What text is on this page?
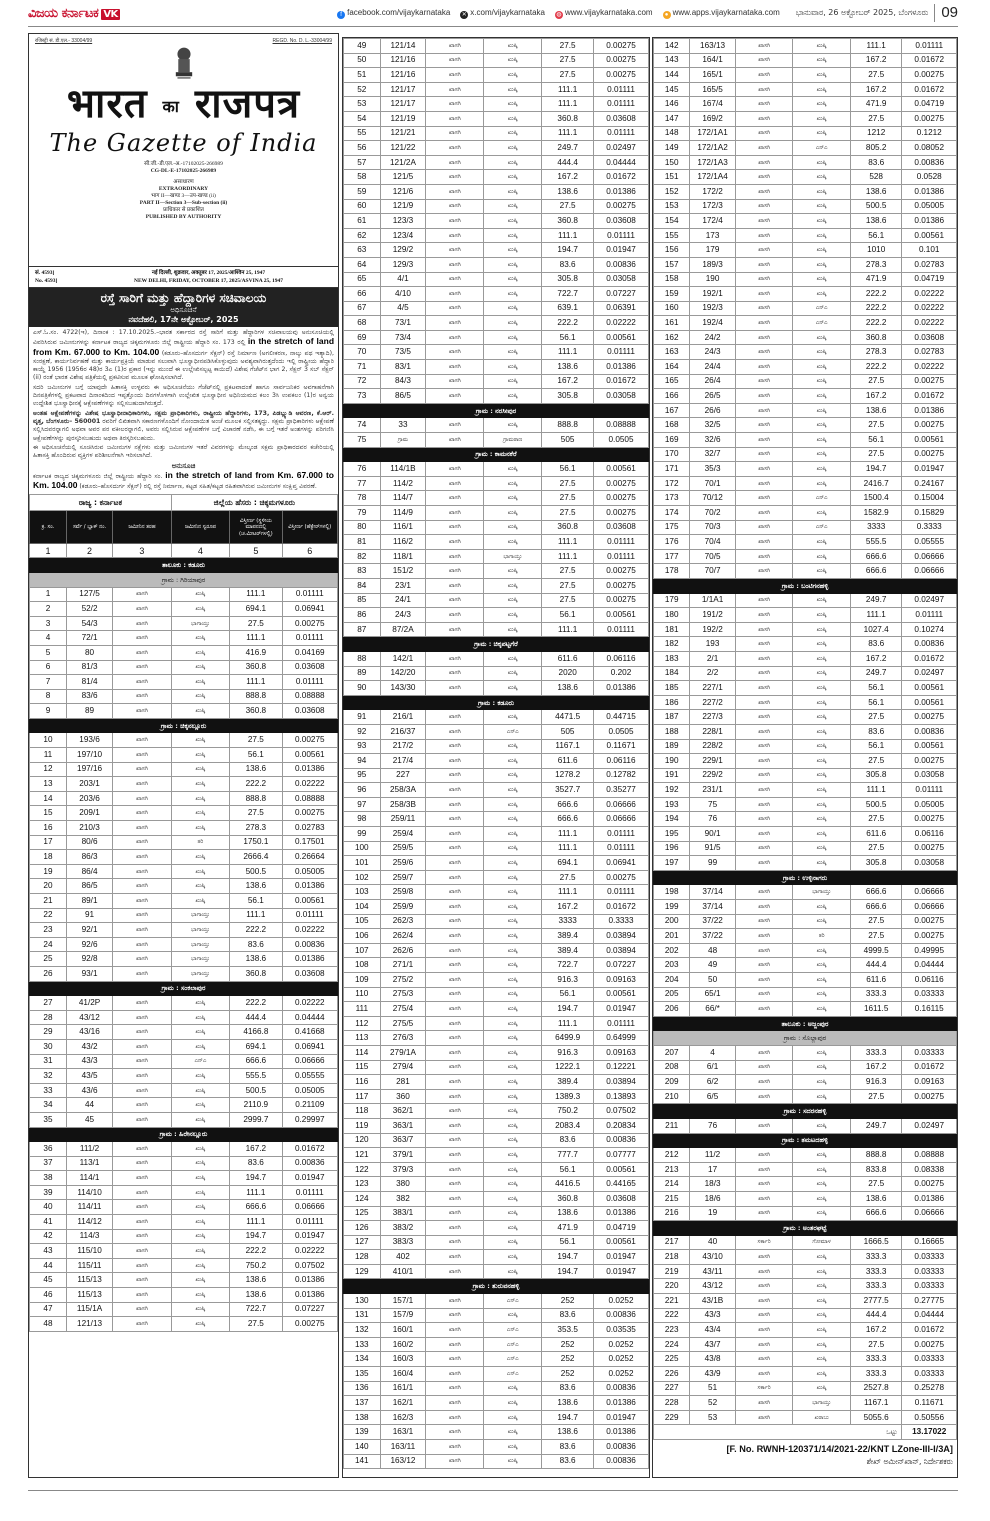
ವಿಜಯ ಕರ್ನಾಟಕ VK	f facebook.com/vijaykarnataka ✕ x.com/vijaykarnataka ◍ www.vijaykarnataka.com	● www.apps.vijaykarnataka.com ಭಾನುವಾರ, 26 ಅಕ್ಟೋಬರ್ 2025, ಬೆಂಗಳೂರು 09
रजिस्ट्री सं. डी.एल.- 33004/99	REGD. No. D. L.-33004/99
भारत का राजपत्र
The Gazette of India
सी.जी.-डी.एल.-अ.-17102025-266989
CG-DL-E-17102025-266989
असाधारण
EXTRAORDINARY
भाग II—खण्ड 3—उप-खण्ड (ii)
PART II—Section 3—Sub-section (ii)
प्राधिकार से प्रकाशित
PUBLISHED BY AUTHORITY
सं. 4593]	नई दिल्ली, शुक्रवार, अक्तूबर 17, 2025/आश्विन 25, 1947
No. 4593]	NEW DELHI, FRIDAY, OCTOBER 17, 2025/ASVINA 25, 1947
ರಸ್ತೆ ಸಾರಿಗೆ ಮತ್ತು ಹೆದ್ದಾರಿಗಳ ಸಚಿವಾಲಯ
ಅಧಿಸೂಚನೆ
ನವದೆಹಲಿ, 17ನೇ ಅಕ್ಟೋಬರ್, 2025

ಎಸ್.ಓ.ಸಂ. 4722(ಇ), ದಿನಾಂಕ : 17.10.2025.–ಭಾರತ ಸರ್ಕಾರದ ರಸ್ತೆ ಸಾರಿಗೆ ಮತ್ತು ಹೆದ್ದಾರಿಗಳ ಸಚಿವಾಲಯವು ಅನುಸೂಚಿಯಲ್ಲಿ ವಿವರಿಸಿರುವ ಜಮೀನುಗಳನ್ನು ಕರ್ನಾಟಕ ರಾಜ್ಯದ ಚಿಕ್ಕಮಗಳೂರು ಜಿಲ್ಲೆ ರಾಷ್ಟ್ರೀಯ ಹೆದ್ದಾರಿ ಸಂ. 173 ರಲ್ಲಿ in the stretch of land from Km. 67.000 to Km. 104.00 (ಕಡೂರು–ಹೊಸದುರ್ಗ ಸೆಕ್ಷನ್) ರಸ್ತೆ ನಿರ್ಮಾಣ (ಅಗಲೀಕರಣ, ನಾಲ್ಕು ಪಥ ಇತ್ಯಾದಿ), ಸಂರಕ್ಷಣೆ, ಕಾರ್ಯನಿರ್ವಹಣೆ ಮತ್ತು ಕಾರ್ಯಪ್ರಕ್ರಿಯೆ ಮಾಡುವ ಸಲುವಾಗಿ ಭೂಸ್ವಾಧೀನಪಡಿಸಿಕೊಳ್ಳುವುದು ಅವಶ್ಯವಾಗಿರುತ್ತದೆಂದು ಇಲ್ಲಿ ರಾಷ್ಟ್ರೀಯ ಹೆದ್ದಾರಿ ಕಾಯ್ದೆ 1956 (1956ರ 48)ರ 3ಎ (1)ರ ಪ್ರಕಾರ (ಇನ್ನು ಮುಂದೆ ಈ ಉಲ್ಲೇಖಿಸಲ್ಪಟ್ಟ ಕಾಯಿದೆ) ವಿಶೇಷ ಗೆಜೆಟ್‌ನ ಭಾಗ 2, ಸೆಕ್ಷನ್ 3 ಸಬ್ ಸೆಕ್ಷನ್ (ii) ರಂತೆ ಭಾರತ ವಿಶೇಷ ಪತ್ರಿಕೆಯಲ್ಲಿ ಪ್ರಕಟಿಸುವ ಮೂಲಕ ಘೋಷಿಸಲಾಗಿದೆ.

ಸದರಿ ಜಮೀನುಗಳ ಬಗ್ಗೆ ಯಾವುದೇ ಹಿತಾಸಕ್ತಿ ಉಳ್ಳವರು ಈ ಅಧಿಸೂಚನೆಯು ಗೆಜೆಟ್‌ನಲ್ಲಿ ಪ್ರಕಟವಾದಂತೆ ಹಾಗೂ ಸಾರ್ವಜನಿಕರ ಅವಗಾಹನೆಗಾಗಿ ದಿನಪತ್ರಿಕೆಗಳಲ್ಲಿ ಪ್ರಕಟವಾದ ದಿನಾಂಕದಿಂದ ಇಪ್ಪತ್ತೊಂದು ದಿನಗಳೊಳಗಾಗಿ ಉಲ್ಲೇಖಿತ ಭೂಸ್ವಾಧೀನ ಅಧಿನಿಯಮದ ಕಲಂ 3ಸಿ ಉಪಕಲಂ (1)ರ ಅನ್ವಯ ಉದ್ದೇಶಿತ ಭೂಸ್ವಾಧೀನಕ್ಕೆ ಆಕ್ಷೇಪಣೆಗಳನ್ನು ಸಲ್ಲಿಸಬಹುದಾಗಿರುತ್ತದೆ.

ಅಂತಹ ಆಕ್ಷೇಪಣೆಗಳನ್ನು ವಿಶೇಷ ಭೂಸ್ವಾಧೀನಾಧಿಕಾರಿಗಳು, ಸಕ್ಷಮ ಪ್ರಾಧಿಕಾರಿಗಳು, ರಾಷ್ಟ್ರೀಯ ಹೆದ್ದಾರಿಗಳು, 173, ಪಿಡಬ್ಲ್ಯುಡಿ ಆವರಣ, ಕೆ.ಆರ್. ವೃತ್ತ, ಬೆಂಗಳೂರು– 560001 ರವರಿಗೆ ಲಿಖಿತವಾಗಿ ಸಕಾರಣಗಳೊಂದಿಗೆ ನೋಂದಾಯಿತ ಅಂಚೆ ಮೂಲಕ ಸಲ್ಲಿಸತಕ್ಕದ್ದು. ಸಕ್ಷಮ ಪ್ರಾಧಿಕಾರಿಗಳು ಆಕ್ಷೇಪಣೆ ಸಲ್ಲಿಸಿದವರನ್ನಾಗಲಿ ಅಥವಾ ಅವರ ಪರ ವಕೀಲರನ್ನಾಗಲಿ, ಅವರು ಸಲ್ಲಿಸಿರುವ ಆಕ್ಷೇಪಣೆಗಳ ಬಗ್ಗೆ ವಿಚಾರಣೆ ನಡೆಸಿ, ಈ ಬಗ್ಗೆ ಇತರೆ ಅಂಶಗಳನ್ನು ಪರಿಗಣಿಸಿ ಆಕ್ಷೇಪಣೆಗಳನ್ನು ಪುರಸ್ಕರಿಸಬಹುದು ಅಥವಾ ತಿರಸ್ಕರಿಸಬಹುದು.

ಈ ಅಧಿಸೂಚನೆಯಲ್ಲಿ ಸೂಚಿಸಿರುವ ಜಮೀನುಗಳ ನಕ್ಷೆಗಳು ಮತ್ತು ಜಮೀನುಗಳ ಇತರೆ ವಿವರಗಳನ್ನು ಮೇಲ್ಕಂಡ ಸಕ್ಷಮ ಪ್ರಾಧಿಕಾರದವರ ಕಚೇರಿಯಲ್ಲಿ ಹಿತಾಸಕ್ತಿ ಹೊಂದಿರುವ ವ್ಯಕ್ತಿಗಳ ಪರಿಶೀಲನೆಗಾಗಿ ಇರಿಸಲಾಗಿದೆ.

ಅನುಸೂಚಿ

ಕರ್ನಾಟಕ ರಾಜ್ಯದ ಚಿಕ್ಕಮಗಳೂರು ಜಿಲ್ಲೆ ರಾಷ್ಟ್ರೀಯ ಹೆದ್ದಾರಿ ಸಂ. in the stretch of land from Km. 67.000 to Km. 104.00 (ಕಡೂರು–ಹೊಸದುರ್ಗ ಸೆಕ್ಷನ್) ರಲ್ಲಿ ರಸ್ತೆ ನಿರ್ಮಾಣ, ಕಟ್ಟಡ ಸಹಿತ/ಕಟ್ಟಡ ರಹಿತವಾಗಿರುವ ಜಮೀನುಗಳ ಸಂಕ್ಷಿಪ್ತ ವಿವರಣೆ.

ರಾಜ್ಯ : ಕರ್ನಾಟಕ			ಜಿಲ್ಲೆಯ ಹೆಸರು : ಚಿಕ್ಕಮಗಳೂರು		
ಕ್ರ. ಸಂ.	ಸರ್ವೆ / ಬ್ಲಾಕ್ ನಂ.	ಜಮೀನಿನ ತರಹ	ಜಮೀನಿನ ಸ್ವರೂಪ	ವಿಸ್ತೀರ್ಣ (ಸ್ಥಳೀಯ ಮಾಪನದಲ್ಲಿ (ಚ.ಮೀಟರ್‌ಗಳಲ್ಲಿ)	ವಿಸ್ತೀರ್ಣ (ಹೆಕ್ಟೇರ್‌ಗಳಲ್ಲಿ)
1	2	3	4	5	6
ತಾಲೂಕು : ಕಡೂರು					
ಗ್ರಾಮ : ಗಿರಿಯಾಪುರ					
1	127/5	ಖಾಸಗಿ	ಖುಷ್ಕಿ	111.1	0.01111
2	52/2	ಖಾಸಗಿ	ಖುಷ್ಕಿ	694.1	0.06941
3	54/3	ಖಾಸಗಿ	ಭಾಗಾಯ್ತು	27.5	0.00275
4	72/1	ಖಾಸಗಿ	ಖುಷ್ಕಿ	111.1	0.01111
5	80	ಖಾಸಗಿ	ಖುಷ್ಕಿ	416.9	0.04169
6	81/3	ಖಾಸಗಿ	ಖುಷ್ಕಿ	360.8	0.03608
7	81/4	ಖಾಸಗಿ	ಖುಷ್ಕಿ	111.1	0.01111
8	83/6	ಖಾಸಗಿ	ಖುಷ್ಕಿ	888.8	0.08888
9	89	ಖಾಸಗಿ	ಖುಷ್ಕಿ	360.8	0.03608
ಗ್ರಾಮ : ಚಿಕ್ಕನಲ್ಲೂರು					
10	193/6	ಖಾಸಗಿ	ಖುಷ್ಕಿ	27.5	0.00275
11	197/10	ಖಾಸಗಿ	ಖುಷ್ಕಿ	56.1	0.00561
12	197/16	ಖಾಸಗಿ	ಖುಷ್ಕಿ	138.6	0.01386
13	203/1	ಖಾಸಗಿ	ಖುಷ್ಕಿ	222.2	0.02222
14	203/6	ಖಾಸಗಿ	ಖುಷ್ಕಿ	888.8	0.08888
15	209/1	ಖಾಸಗಿ	ಖುಷ್ಕಿ	27.5	0.00275
16	210/3	ಖಾಸಗಿ	ಖುಷ್ಕಿ	278.3	0.02783
17	80/6	ಖಾಸಗಿ	ತರಿ	1750.1	0.17501
18	86/3	ಖಾಸಗಿ	ಖುಷ್ಕಿ	2666.4	0.26664
19	86/4	ಖಾಸಗಿ	ಖುಷ್ಕಿ	500.5	0.05005
20	86/5	ಖಾಸಗಿ	ಖುಷ್ಕಿ	138.6	0.01386
21	89/1	ಖಾಸಗಿ	ಖುಷ್ಕಿ	56.1	0.00561
22	91	ಖಾಸಗಿ	ಭಾಗಾಯ್ತು	111.1	0.01111
23	92/1	ಖಾಸಗಿ	ಭಾಗಾಯ್ತು	222.2	0.02222
24	92/6	ಖಾಸಗಿ	ಭಾಗಾಯ್ತು	83.6	0.00836
25	92/8	ಖಾಸಗಿ	ಭಾಗಾಯ್ತು	138.6	0.01386
26	93/1	ಖಾಸಗಿ	ಭಾಗಾಯ್ತು	360.8	0.03608
ಗ್ರಾಮ : ಸಂಕಲಾಪುರ					
27	41/2P	ಖಾಸಗಿ	ಖುಷ್ಕಿ	222.2	0.02222
28	43/12	ಖಾಸಗಿ	ಖುಷ್ಕಿ	444.4	0.04444
29	43/16	ಖಾಸಗಿ	ಖುಷ್ಕಿ	4166.8	0.41668
30	43/2	ಖಾಸಗಿ	ಖುಷ್ಕಿ	694.1	0.06941
31	43/3	ಖಾಸಗಿ	ಎನ್‌ಎ	666.6	0.06666
32	43/5	ಖಾಸಗಿ	ಖುಷ್ಕಿ	555.5	0.05555
33	43/6	ಖಾಸಗಿ	ಖುಷ್ಕಿ	500.5	0.05005
34	44	ಖಾಸಗಿ	ಖುಷ್ಕಿ	2110.9	0.21109
35	45	ಖಾಸಗಿ	ಖುಷ್ಕಿ	2999.7	0.29997
ಗ್ರಾಮ : ಹಿರೇನಲ್ಲೂರು					
36	111/2	ಖಾಸಗಿ	ಖುಷ್ಕಿ	167.2	0.01672
37	113/1	ಖಾಸಗಿ	ಖುಷ್ಕಿ	83.6	0.00836
38	114/1	ಖಾಸಗಿ	ಖುಷ್ಕಿ	194.7	0.01947
39	114/10	ಖಾಸಗಿ	ಖುಷ್ಕಿ	111.1	0.01111
40	114/11	ಖಾಸಗಿ	ಖುಷ್ಕಿ	666.6	0.06666
41	114/12	ಖಾಸಗಿ	ಖುಷ್ಕಿ	111.1	0.01111
42	114/3	ಖಾಸಗಿ	ಖುಷ್ಕಿ	194.7	0.01947
43	115/10	ಖಾಸಗಿ	ಖುಷ್ಕಿ	222.2	0.02222
44	115/11	ಖಾಸಗಿ	ಖುಷ್ಕಿ	750.2	0.07502
45	115/13	ಖಾಸಗಿ	ಖುಷ್ಕಿ	138.6	0.01386
46	115/13	ಖಾಸಗಿ	ಖುಷ್ಕಿ	138.6	0.01386
47	115/1A	ಖಾಸಗಿ	ಖುಷ್ಕಿ	722.7	0.07227
48	121/13	ಖಾಸಗಿ	ಖುಷ್ಕಿ	27.5	0.00275
49	121/14	ಖಾಸಗಿ	ಖುಷ್ಕಿ	27.5	0.00275
50	121/16	ಖಾಸಗಿ	ಖುಷ್ಕಿ	27.5	0.00275
51	121/16	ಖಾಸಗಿ	ಖುಷ್ಕಿ	27.5	0.00275
52	121/17	ಖಾಸಗಿ	ಖುಷ್ಕಿ	111.1	0.01111
53	121/17	ಖಾಸಗಿ	ಖುಷ್ಕಿ	111.1	0.01111
54	121/19	ಖಾಸಗಿ	ಖುಷ್ಕಿ	360.8	0.03608
55	121/21	ಖಾಸಗಿ	ಖುಷ್ಕಿ	111.1	0.01111
56	121/22	ಖಾಸಗಿ	ಖುಷ್ಕಿ	249.7	0.02497
57	121/2A	ಖಾಸಗಿ	ಖುಷ್ಕಿ	444.4	0.04444
58	121/5	ಖಾಸಗಿ	ಖುಷ್ಕಿ	167.2	0.01672
59	121/6	ಖಾಸಗಿ	ಖುಷ್ಕಿ	138.6	0.01386
60	121/9	ಖಾಸಗಿ	ಖುಷ್ಕಿ	27.5	0.00275
61	123/3	ಖಾಸಗಿ	ಖುಷ್ಕಿ	360.8	0.03608
62	123/4	ಖಾಸಗಿ	ಖುಷ್ಕಿ	111.1	0.01111
63	129/2	ಖಾಸಗಿ	ಖುಷ್ಕಿ	194.7	0.01947
64	129/3	ಖಾಸಗಿ	ಖುಷ್ಕಿ	83.6	0.00836
65	4/1	ಖಾಸಗಿ	ಖುಷ್ಕಿ	305.8	0.03058
66	4/10	ಖಾಸಗಿ	ಖುಷ್ಕಿ	722.7	0.07227
67	4/5	ಖಾಸಗಿ	ಖುಷ್ಕಿ	639.1	0.06391
68	73/1	ಖಾಸಗಿ	ಖುಷ್ಕಿ	222.2	0.02222
69	73/4	ಖಾಸಗಿ	ಖುಷ್ಕಿ	56.1	0.00561
70	73/5	ಖಾಸಗಿ	ಖುಷ್ಕಿ	111.1	0.01111
71	83/1	ಖಾಸಗಿ	ಖುಷ್ಕಿ	138.6	0.01386
72	84/3	ಖಾಸಗಿ	ಖುಷ್ಕಿ	167.2	0.01672
73	86/5	ಖಾಸಗಿ	ಖುಷ್ಕಿ	305.8	0.03058
ಗ್ರಾಮ : ನರಸೀಪುರ					
74	33	ಖಾಸಗಿ	ಖುಷ್ಕಿ	888.8	0.08888
75	ಗ್ರಾಮ	ಖಾಸಗಿ	ಗ್ರಾಮಠಾಣ	505	0.0505
ಗ್ರಾಮ : ಕಾಮನಕೆರೆ					
76	114/1B	ಖಾಸಗಿ	ಖುಷ್ಕಿ	56.1	0.00561
77	114/2	ಖಾಸಗಿ	ಖುಷ್ಕಿ	27.5	0.00275
78	114/7	ಖಾಸಗಿ	ಖುಷ್ಕಿ	27.5	0.00275
79	114/9	ಖಾಸಗಿ	ಖುಷ್ಕಿ	27.5	0.00275
80	116/1	ಖಾಸಗಿ	ಖುಷ್ಕಿ	360.8	0.03608
81	116/2	ಖಾಸಗಿ	ಖುಷ್ಕಿ	111.1	0.01111
82	118/1	ಖಾಸಗಿ	ಭಾಗಾಯ್ತು	111.1	0.01111
83	151/2	ಖಾಸಗಿ	ಖುಷ್ಕಿ	27.5	0.00275
84	23/1	ಖಾಸಗಿ	ಖುಷ್ಕಿ	27.5	0.00275
85	24/1	ಖಾಸಗಿ	ಖುಷ್ಕಿ	27.5	0.00275
86	24/3	ಖಾಸಗಿ	ಖುಷ್ಕಿ	56.1	0.00561
87	87/2A	ಖಾಸಗಿ	ಖುಷ್ಕಿ	111.1	0.01111
ಗ್ರಾಮ : ಚಿಕ್ಕಪಟ್ಟಗೆರೆ					
88	142/1	ಖಾಸಗಿ	ಖುಷ್ಕಿ	611.6	0.06116
89	142/20	ಖಾಸಗಿ	ಖುಷ್ಕಿ	2020	0.202
90	143/30	ಖಾಸಗಿ	ಖುಷ್ಕಿ	138.6	0.01386
ಗ್ರಾಮ : ಕಡೂರು					
91	216/1	ಖಾಸಗಿ	ಖುಷ್ಕಿ	4471.5	0.44715
92	216/37	ಖಾಸಗಿ	ಎನ್‌ಎ	505	0.0505
93	217/2	ಖಾಸಗಿ	ಖುಷ್ಕಿ	1167.1	0.11671
94	217/4	ಖಾಸಗಿ	ಖುಷ್ಕಿ	611.6	0.06116
95	227	ಖಾಸಗಿ	ಖುಷ್ಕಿ	1278.2	0.12782
96	258/3A	ಖಾಸಗಿ	ಖುಷ್ಕಿ	3527.7	0.35277
97	258/3B	ಖಾಸಗಿ	ಖುಷ್ಕಿ	666.6	0.06666
98	259/11	ಖಾಸಗಿ	ಖುಷ್ಕಿ	666.6	0.06666
99	259/4	ಖಾಸಗಿ	ಖುಷ್ಕಿ	111.1	0.01111
100	259/5	ಖಾಸಗಿ	ಖುಷ್ಕಿ	111.1	0.01111
101	259/6	ಖಾಸಗಿ	ಖುಷ್ಕಿ	694.1	0.06941
102	259/7	ಖಾಸಗಿ	ಖುಷ್ಕಿ	27.5	0.00275
103	259/8	ಖಾಸಗಿ	ಖುಷ್ಕಿ	111.1	0.01111
104	259/9	ಖಾಸಗಿ	ಖುಷ್ಕಿ	167.2	0.01672
105	262/3	ಖಾಸಗಿ	ಖುಷ್ಕಿ	3333	0.3333
106	262/4	ಖಾಸಗಿ	ಖುಷ್ಕಿ	389.4	0.03894
107	262/6	ಖಾಸಗಿ	ಖುಷ್ಕಿ	389.4	0.03894
108	271/1	ಖಾಸಗಿ	ಖುಷ್ಕಿ	722.7	0.07227
109	275/2	ಖಾಸಗಿ	ಖುಷ್ಕಿ	916.3	0.09163
110	275/3	ಖಾಸಗಿ	ಖುಷ್ಕಿ	56.1	0.00561
111	275/4	ಖಾಸಗಿ	ಖುಷ್ಕಿ	194.7	0.01947
112	275/5	ಖಾಸಗಿ	ಖುಷ್ಕಿ	111.1	0.01111
113	276/3	ಖಾಸಗಿ	ಖುಷ್ಕಿ	6499.9	0.64999
114	279/1A	ಖಾಸಗಿ	ಖುಷ್ಕಿ	916.3	0.09163
115	279/4	ಖಾಸಗಿ	ಖುಷ್ಕಿ	1222.1	0.12221
116	281	ಖಾಸಗಿ	ಖುಷ್ಕಿ	389.4	0.03894
117	360	ಖಾಸಗಿ	ಖುಷ್ಕಿ	1389.3	0.13893
118	362/1	ಖಾಸಗಿ	ಖುಷ್ಕಿ	750.2	0.07502
119	363/1	ಖಾಸಗಿ	ಖುಷ್ಕಿ	2083.4	0.20834
120	363/7	ಖಾಸಗಿ	ಖುಷ್ಕಿ	83.6	0.00836
121	379/1	ಖಾಸಗಿ	ಖುಷ್ಕಿ	777.7	0.07777
122	379/3	ಖಾಸಗಿ	ಖುಷ್ಕಿ	56.1	0.00561
123	380	ಖಾಸಗಿ	ಖುಷ್ಕಿ	4416.5	0.44165
124	382	ಖಾಸಗಿ	ಖುಷ್ಕಿ	360.8	0.03608
125	383/1	ಖಾಸಗಿ	ಖುಷ್ಕಿ	138.6	0.01386
126	383/2	ಖಾಸಗಿ	ಖುಷ್ಕಿ	471.9	0.04719
127	383/3	ಖಾಸಗಿ	ಖುಷ್ಕಿ	56.1	0.00561
128	402	ಖಾಸಗಿ	ಖುಷ್ಕಿ	194.7	0.01947
129	410/1	ಖಾಸಗಿ	ಖುಷ್ಕಿ	194.7	0.01947
ಗ್ರಾಮ : ತುರುವನಹಳ್ಳಿ					
130	157/1	ಖಾಸಗಿ	ಎನ್‌ಎ	252	0.0252
131	157/9	ಖಾಸಗಿ	ಖುಷ್ಕಿ	83.6	0.00836
132	160/1	ಖಾಸಗಿ	ಎನ್‌ಎ	353.5	0.03535
133	160/2	ಖಾಸಗಿ	ಎನ್‌ಎ	252	0.0252
134	160/3	ಖಾಸಗಿ	ಎನ್‌ಎ	252	0.0252
135	160/4	ಖಾಸಗಿ	ಎನ್‌ಎ	252	0.0252
136	161/1	ಖಾಸಗಿ	ಖುಷ್ಕಿ	83.6	0.00836
137	162/1	ಖಾಸಗಿ	ಖುಷ್ಕಿ	138.6	0.01386
138	162/3	ಖಾಸಗಿ	ಖುಷ್ಕಿ	194.7	0.01947
139	163/1	ಖಾಸಗಿ	ಖುಷ್ಕಿ	138.6	0.01386
140	163/11	ಖಾಸಗಿ	ಖುಷ್ಕಿ	83.6	0.00836
141	163/12	ಖಾಸಗಿ	ಖುಷ್ಕಿ	83.6	0.00836
142	163/13	ಖಾಸಗಿ	ಖುಷ್ಕಿ	111.1	0.01111
143	164/1	ಖಾಸಗಿ	ಖುಷ್ಕಿ	167.2	0.01672
144	165/1	ಖಾಸಗಿ	ಖುಷ್ಕಿ	27.5	0.00275
145	165/5	ಖಾಸಗಿ	ಖುಷ್ಕಿ	167.2	0.01672
146	167/4	ಖಾಸಗಿ	ಖುಷ್ಕಿ	471.9	0.04719
147	169/2	ಖಾಸಗಿ	ಖುಷ್ಕಿ	27.5	0.00275
148	172/1A1	ಖಾಸಗಿ	ಖುಷ್ಕಿ	1212	0.1212
149	172/1A2	ಖಾಸಗಿ	ಎನ್‌ಎ	805.2	0.08052
150	172/1A3	ಖಾಸಗಿ	ಖುಷ್ಕಿ	83.6	0.00836
151	172/1A4	ಖಾಸಗಿ	ಖುಷ್ಕಿ	528	0.0528
152	172/2	ಖಾಸಗಿ	ಖುಷ್ಕಿ	138.6	0.01386
153	172/3	ಖಾಸಗಿ	ಖುಷ್ಕಿ	500.5	0.05005
154	172/4	ಖಾಸಗಿ	ಖುಷ್ಕಿ	138.6	0.01386
155	173	ಖಾಸಗಿ	ಖುಷ್ಕಿ	56.1	0.00561
156	179	ಖಾಸಗಿ	ಖುಷ್ಕಿ	1010	0.101
157	189/3	ಖಾಸಗಿ	ಖುಷ್ಕಿ	278.3	0.02783
158	190	ಖಾಸಗಿ	ಖುಷ್ಕಿ	471.9	0.04719
159	192/1	ಖಾಸಗಿ	ಖುಷ್ಕಿ	222.2	0.02222
160	192/3	ಖಾಸಗಿ	ಎನ್‌ಎ	222.2	0.02222
161	192/4	ಖಾಸಗಿ	ಎನ್‌ಎ	222.2	0.02222
162	24/2	ಖಾಸಗಿ	ಖುಷ್ಕಿ	360.8	0.03608
163	24/3	ಖಾಸಗಿ	ಖುಷ್ಕಿ	278.3	0.02783
164	24/4	ಖಾಸಗಿ	ಖುಷ್ಕಿ	222.2	0.02222
165	26/4	ಖಾಸಗಿ	ಖುಷ್ಕಿ	27.5	0.00275
166	26/5	ಖಾಸಗಿ	ಖುಷ್ಕಿ	167.2	0.01672
167	26/6	ಖಾಸಗಿ	ಖುಷ್ಕಿ	138.6	0.01386
168	32/5	ಖಾಸಗಿ	ಖುಷ್ಕಿ	27.5	0.00275
169	32/6	ಖಾಸಗಿ	ಖುಷ್ಕಿ	56.1	0.00561
170	32/7	ಖಾಸಗಿ	ಖುಷ್ಕಿ	27.5	0.00275
171	35/3	ಖಾಸಗಿ	ಖುಷ್ಕಿ	194.7	0.01947
172	70/1	ಖಾಸಗಿ	ಖುಷ್ಕಿ	2416.7	0.24167
173	70/12	ಖಾಸಗಿ	ಎನ್‌ಎ	1500.4	0.15004
174	70/2	ಖಾಸಗಿ	ಖುಷ್ಕಿ	1582.9	0.15829
175	70/3	ಖಾಸಗಿ	ಎನ್‌ಎ	3333	0.3333
176	70/4	ಖಾಸಗಿ	ಖುಷ್ಕಿ	555.5	0.05555
177	70/5	ಖಾಸಗಿ	ಖುಷ್ಕಿ	666.6	0.06666
178	70/7	ಖಾಸಗಿ	ಖುಷ್ಕಿ	666.6	0.06666
ಗ್ರಾಮ : ಬಂಟಿಗನಹಳ್ಳಿ					
179	1/1A1	ಖಾಸಗಿ	ಖುಷ್ಕಿ	249.7	0.02497
180	191/2	ಖಾಸಗಿ	ಖುಷ್ಕಿ	111.1	0.01111
181	192/2	ಖಾಸಗಿ	ಖುಷ್ಕಿ	1027.4	0.10274
182	193	ಖಾಸಗಿ	ಖುಷ್ಕಿ	83.6	0.00836
183	2/1	ಖಾಸಗಿ	ಖುಷ್ಕಿ	167.2	0.01672
184	2/2	ಖಾಸಗಿ	ಖುಷ್ಕಿ	249.7	0.02497
185	227/1	ಖಾಸಗಿ	ಖುಷ್ಕಿ	56.1	0.00561
186	227/2	ಖಾಸಗಿ	ಖುಷ್ಕಿ	56.1	0.00561
187	227/3	ಖಾಸಗಿ	ಖುಷ್ಕಿ	27.5	0.00275
188	228/1	ಖಾಸಗಿ	ಖುಷ್ಕಿ	83.6	0.00836
189	228/2	ಖಾಸಗಿ	ಖುಷ್ಕಿ	56.1	0.00561
190	229/1	ಖಾಸಗಿ	ಖುಷ್ಕಿ	27.5	0.00275
191	229/2	ಖಾಸಗಿ	ಖುಷ್ಕಿ	305.8	0.03058
192	231/1	ಖಾಸಗಿ	ಖುಷ್ಕಿ	111.1	0.01111
193	75	ಖಾಸಗಿ	ಖುಷ್ಕಿ	500.5	0.05005
194	76	ಖಾಸಗಿ	ಖುಷ್ಕಿ	27.5	0.00275
195	90/1	ಖಾಸಗಿ	ಖುಷ್ಕಿ	611.6	0.06116
196	91/5	ಖಾಸಗಿ	ಖುಷ್ಕಿ	27.5	0.00275
197	99	ಖಾಸಗಿ	ಖುಷ್ಕಿ	305.8	0.03058
ಗ್ರಾಮ : ಉಳ್ಳಿನಾಗರು					
198	37/14	ಖಾಸಗಿ	ಭಾಗಾಯ್ತು	666.6	0.06666
199	37/14	ಖಾಸಗಿ	ಖುಷ್ಕಿ	666.6	0.06666
200	37/22	ಖಾಸಗಿ	ಖುಷ್ಕಿ	27.5	0.00275
201	37/22	ಖಾಸಗಿ	ತರಿ	27.5	0.00275
202	48	ಖಾಸಗಿ	ಖುಷ್ಕಿ	4999.5	0.49995
203	49	ಖಾಸಗಿ	ಖುಷ್ಕಿ	444.4	0.04444
204	50	ಖಾಸಗಿ	ಖುಷ್ಕಿ	611.6	0.06116
205	65/1	ಖಾಸಗಿ	ಖುಷ್ಕಿ	333.3	0.03333
206	66/*	ಖಾಸಗಿ	ಖುಷ್ಕಿ	1611.5	0.16115
ತಾಲೂಕು : ಅಜ್ಜಂಪುರ					
ಗ್ರಾಮ : ಸೊಲ್ಲಾಪುರ					
207	4	ಖಾಸಗಿ	ಖುಷ್ಕಿ	333.3	0.03333
208	6/1	ಖಾಸಗಿ	ಖುಷ್ಕಿ	167.2	0.01672
209	6/2	ಖಾಸಗಿ	ಖುಷ್ಕಿ	916.3	0.09163
210	6/5	ಖಾಸಗಿ	ಖುಷ್ಕಿ	27.5	0.00275
ಗ್ರಾಮ : ಸದರನಹಳ್ಳಿ					
211	76	ಖಾಸಗಿ	ಖುಷ್ಕಿ	249.7	0.02497
ಗ್ರಾಮ : ತಮಟದಹಳ್ಳಿ					
212	11/2	ಖಾಸಗಿ	ಖುಷ್ಕಿ	888.8	0.08888
213	17	ಖಾಸಗಿ	ಖುಷ್ಕಿ	833.8	0.08338
214	18/3	ಖಾಸಗಿ	ಖುಷ್ಕಿ	27.5	0.00275
215	18/6	ಖಾಸಗಿ	ಖುಷ್ಕಿ	138.6	0.01386
216	19	ಖಾಸಗಿ	ಖುಷ್ಕಿ	666.6	0.06666
ಗ್ರಾಮ : ಅಂತರಘಟ್ಟೆ					
217	40	ಸರ್ಕಾರಿ	ಗೋಮಾಳ	1666.5	0.16665
218	43/10	ಖಾಸಗಿ	ಖುಷ್ಕಿ	333.3	0.03333
219	43/11	ಖಾಸಗಿ	ಖುಷ್ಕಿ	333.3	0.03333
220	43/12	ಖಾಸಗಿ	ಖುಷ್ಕಿ	333.3	0.03333
221	43/1B	ಖಾಸಗಿ	ಖುಷ್ಕಿ	2777.5	0.27775
222	43/3	ಖಾಸಗಿ	ಖುಷ್ಕಿ	444.4	0.04444
223	43/4	ಖಾಸಗಿ	ಖುಷ್ಕಿ	167.2	0.01672
224	43/7	ಖಾಸಗಿ	ಖುಷ್ಕಿ	27.5	0.00275
225	43/8	ಖಾಸಗಿ	ಖುಷ್ಕಿ	333.3	0.03333
226	43/9	ಖಾಸಗಿ	ಖುಷ್ಕಿ	333.3	0.03333
227	51	ಸರ್ಕಾರಿ	ಖುಷ್ಕಿ	2527.8	0.25278
228	52	ಖಾಸಗಿ	ಭಾಗಾಯ್ತು	1167.1	0.11671
229	53	ಖಾಸಗಿ	ಖರಾಬು	5055.6	0.50556
ಒಟ್ಟು					13.17022
[F. No. RWNH-120371/14/2021-22/KNT LZone-III-I/3A]
ಶೇಖ್ ಅಮೀನ್‌ಖಾನ್, ನಿರ್ದೇಶಕರು
